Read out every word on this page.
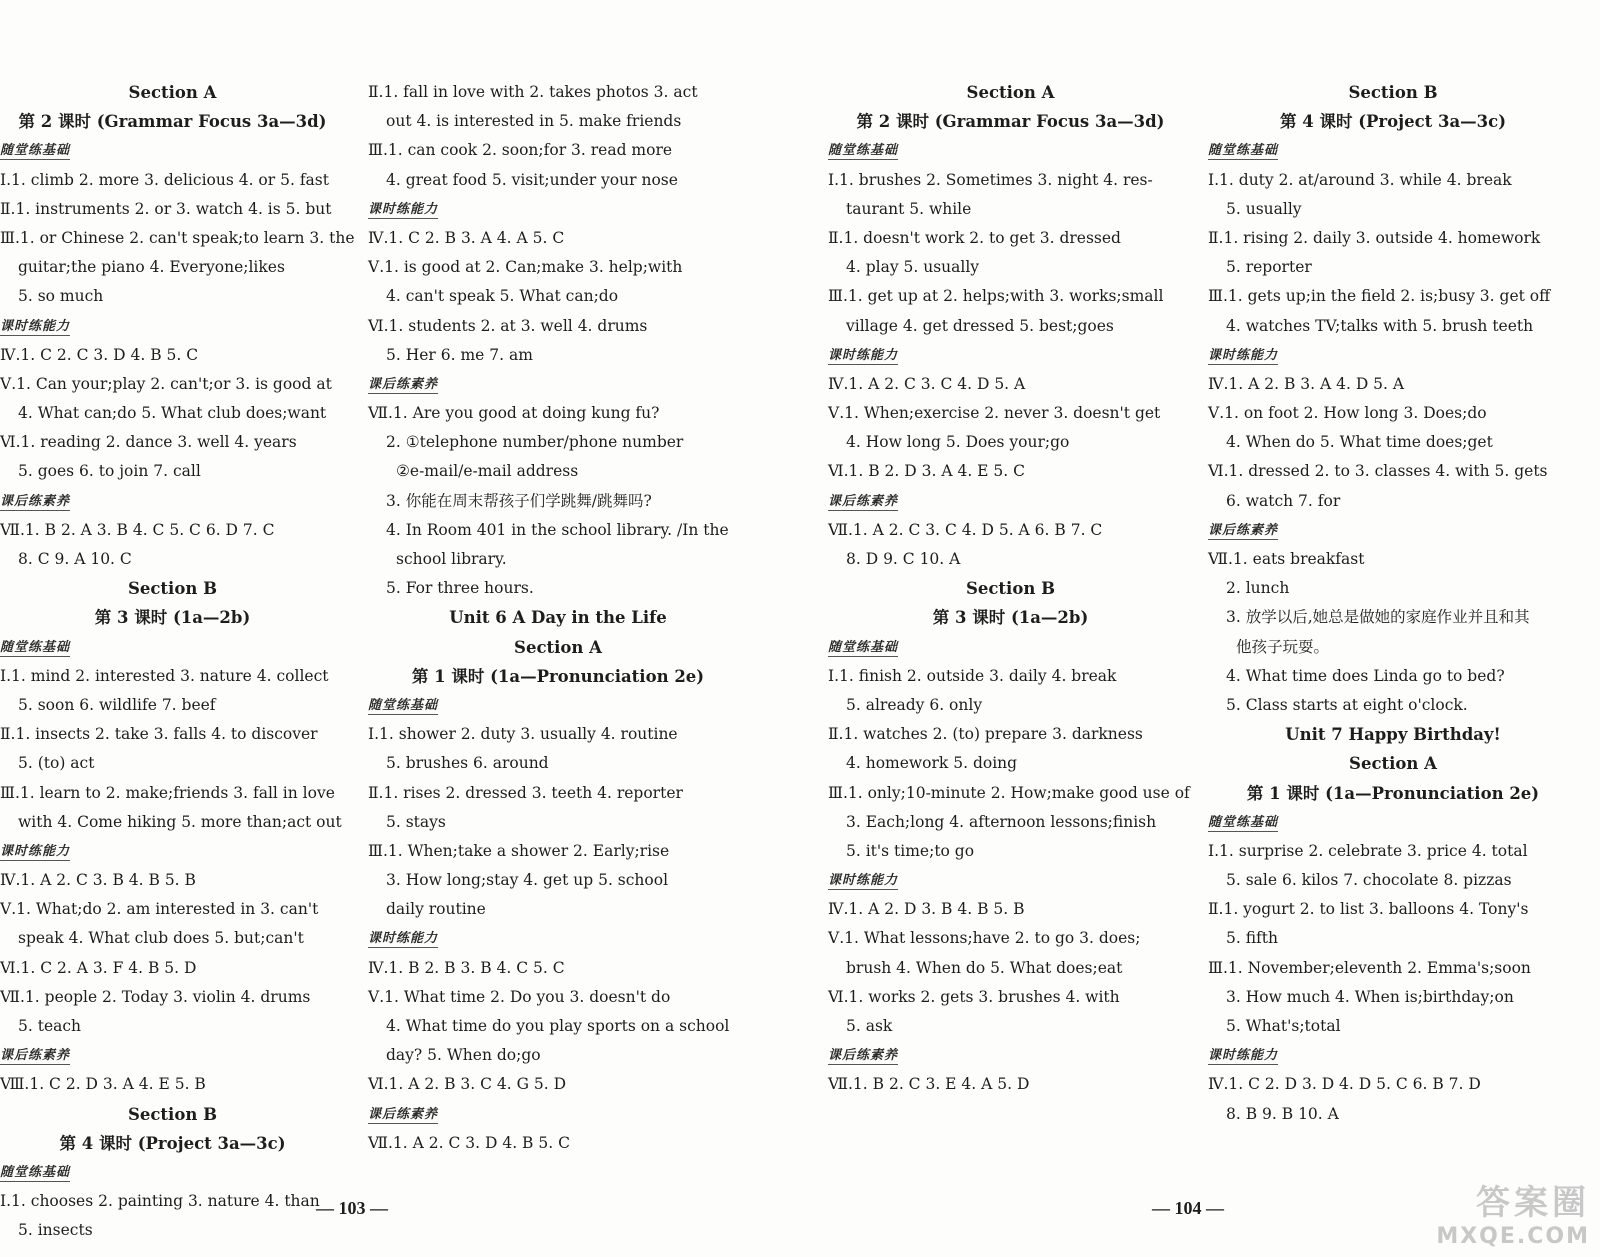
Section A
第 2 课时 (Grammar Focus 3a—3d)
随堂练基础
Ⅰ.1. climb 2. more 3. delicious 4. or 5. fast
Ⅱ.1. instruments 2. or 3. watch 4. is 5. but
Ⅲ.1. or Chinese 2. can't speak;to learn 3. the
guitar;the piano 4. Everyone;likes
5. so much
课时练能力
Ⅳ.1. C 2. C 3. D 4. B 5. C
Ⅴ.1. Can your;play 2. can't;or 3. is good at
4. What can;do 5. What club does;want
Ⅵ.1. reading 2. dance 3. well 4. years
5. goes 6. to join 7. call
课后练素养
Ⅶ.1. B 2. A 3. B 4. C 5. C 6. D 7. C
8. C 9. A 10. C
Section B
第 3 课时 (1a—2b)
随堂练基础
Ⅰ.1. mind 2. interested 3. nature 4. collect
5. soon 6. wildlife 7. beef
Ⅱ.1. insects 2. take 3. falls 4. to discover
5. (to) act
Ⅲ.1. learn to 2. make;friends 3. fall in love
with 4. Come hiking 5. more than;act out
课时练能力
Ⅳ.1. A 2. C 3. B 4. B 5. B
Ⅴ.1. What;do 2. am interested in 3. can't
speak 4. What club does 5. but;can't
Ⅵ.1. C 2. A 3. F 4. B 5. D
Ⅶ.1. people 2. Today 3. violin 4. drums
5. teach
课后练素养
Ⅷ.1. C 2. D 3. A 4. E 5. B
Section B
第 4 课时 (Project 3a—3c)
随堂练基础
Ⅰ.1. chooses 2. painting 3. nature 4. than
5. insects
Ⅱ.1. fall in love with 2. takes photos 3. act
out 4. is interested in 5. make friends
Ⅲ.1. can cook 2. soon;for 3. read more
4. great food 5. visit;under your nose
课时练能力
Ⅳ.1. C 2. B 3. A 4. A 5. C
Ⅴ.1. is good at 2. Can;make 3. help;with
4. can't speak 5. What can;do
Ⅵ.1. students 2. at 3. well 4. drums
5. Her 6. me 7. am
课后练素养
Ⅶ.1. Are you good at doing kung fu?
2. ①telephone number/phone number
②e-mail/e-mail address
3. 你能在周末帮孩子们学跳舞/跳舞吗?
4. In Room 401 in the school library. /In the
school library.
5. For three hours.
Unit 6 A Day in the Life
Section A
第 1 课时 (1a—Pronunciation 2e)
随堂练基础
Ⅰ.1. shower 2. duty 3. usually 4. routine
5. brushes 6. around
Ⅱ.1. rises 2. dressed 3. teeth 4. reporter
5. stays
Ⅲ.1. When;take a shower 2. Early;rise
3. How long;stay 4. get up 5. school
daily routine
课时练能力
Ⅳ.1. B 2. B 3. B 4. C 5. C
Ⅴ.1. What time 2. Do you 3. doesn't do
4. What time do you play sports on a school
day? 5. When do;go
Ⅵ.1. A 2. B 3. C 4. G 5. D
课后练素养
Ⅶ.1. A 2. C 3. D 4. B 5. C
Section A
第 2 课时 (Grammar Focus 3a—3d)
随堂练基础
Ⅰ.1. brushes 2. Sometimes 3. night 4. res-
taurant 5. while
Ⅱ.1. doesn't work 2. to get 3. dressed
4. play 5. usually
Ⅲ.1. get up at 2. helps;with 3. works;small
village 4. get dressed 5. best;goes
课时练能力
Ⅳ.1. A 2. C 3. C 4. D 5. A
Ⅴ.1. When;exercise 2. never 3. doesn't get
4. How long 5. Does your;go
Ⅵ.1. B 2. D 3. A 4. E 5. C
课后练素养
Ⅶ.1. A 2. C 3. C 4. D 5. A 6. B 7. C
8. D 9. C 10. A
Section B
第 3 课时 (1a—2b)
随堂练基础
Ⅰ.1. finish 2. outside 3. daily 4. break
5. already 6. only
Ⅱ.1. watches 2. (to) prepare 3. darkness
4. homework 5. doing
Ⅲ.1. only;10-minute 2. How;make good use of
3. Each;long 4. afternoon lessons;finish
5. it's time;to go
课时练能力
Ⅳ.1. A 2. D 3. B 4. B 5. B
Ⅴ.1. What lessons;have 2. to go 3. does;
brush 4. When do 5. What does;eat
Ⅵ.1. works 2. gets 3. brushes 4. with
5. ask
课后练素养
Ⅶ.1. B 2. C 3. E 4. A 5. D
Section B
第 4 课时 (Project 3a—3c)
随堂练基础
Ⅰ.1. duty 2. at/around 3. while 4. break
5. usually
Ⅱ.1. rising 2. daily 3. outside 4. homework
5. reporter
Ⅲ.1. gets up;in the field 2. is;busy 3. get off
4. watches TV;talks with 5. brush teeth
课时练能力
Ⅳ.1. A 2. B 3. A 4. D 5. A
Ⅴ.1. on foot 2. How long 3. Does;do
4. When do 5. What time does;get
Ⅵ.1. dressed 2. to 3. classes 4. with 5. gets
6. watch 7. for
课后练素养
Ⅶ.1. eats breakfast
2. lunch
3. 放学以后,她总是做她的家庭作业并且和其
他孩子玩耍。
4. What time does Linda go to bed?
5. Class starts at eight o'clock.
Unit 7 Happy Birthday!
Section A
第 1 课时 (1a—Pronunciation 2e)
随堂练基础
Ⅰ.1. surprise 2. celebrate 3. price 4. total
5. sale 6. kilos 7. chocolate 8. pizzas
Ⅱ.1. yogurt 2. to list 3. balloons 4. Tony's
5. fifth
Ⅲ.1. November;eleventh 2. Emma's;soon
3. How much 4. When is;birthday;on
5. What's;total
课时练能力
Ⅳ.1. C 2. D 3. D 4. D 5. C 6. B 7. D
8. B 9. B 10. A
— 103 —	— 104 —	答案圈
MXQE.COM
